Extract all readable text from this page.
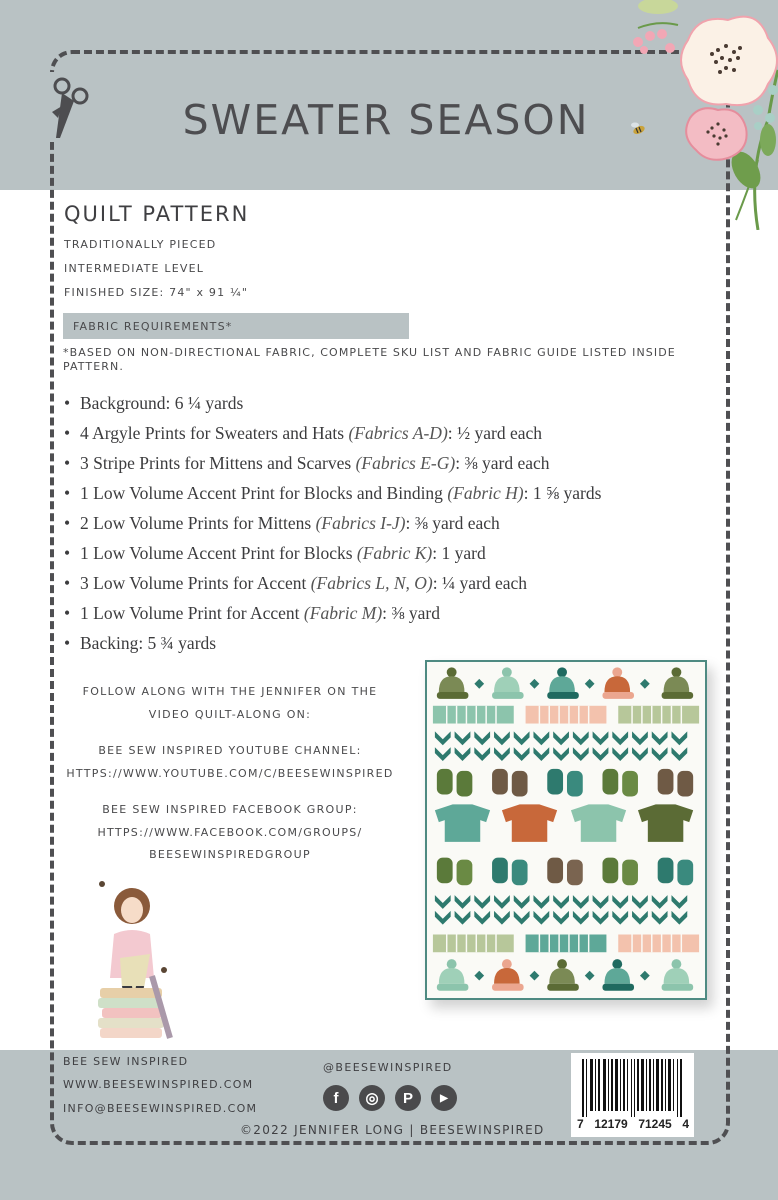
SWEATER SEASON
QUILT PATTERN
TRADITIONALLY PIECED
INTERMEDIATE LEVEL
FINISHED SIZE: 74" x 91 ¼"
FABRIC REQUIREMENTS*
*BASED ON NON-DIRECTIONAL FABRIC, COMPLETE SKU LIST AND FABRIC GUIDE LISTED INSIDE PATTERN.
• Background: 6 ¼ yards
• 4 Argyle Prints for Sweaters and Hats (Fabrics A-D): ½ yard each
• 3 Stripe Prints for Mittens and Scarves (Fabrics E-G): ⅜ yard each
• 1 Low Volume Accent Print for Blocks and Binding (Fabric H): 1 ⅝ yards
• 2 Low Volume Prints for Mittens (Fabrics I-J): ⅜ yard each
• 1 Low Volume Accent Print for Blocks (Fabric K): 1 yard
• 3 Low Volume Prints for Accent (Fabrics L, N, O): ¼ yard each
• 1 Low Volume Print for Accent (Fabric M): ⅜ yard
• Backing: 5 ¾ yards

FOLLOW ALONG WITH THE JENNIFER ON THE

VIDEO QUILT-ALONG ON:

BEE SEW INSPIRED YOUTUBE CHANNEL:

HTTPS://WWW.YOUTUBE.COM/C/BEESEWINSPIRED

BEE SEW INSPIRED FACEBOOK GROUP:

HTTPS://WWW.FACEBOOK.COM/GROUPS/

BEESEWINSPIREDGROUP

BEE SEW INSPIRED
WWW.BEESEWINSPIRED.COM
INFO@BEESEWINSPIRED.COM
@BEESEWINSPIRED
f	◎	P	▶
©2022 JENNIFER LONG | BEESEWINSPIRED	7 12179 71245 4
